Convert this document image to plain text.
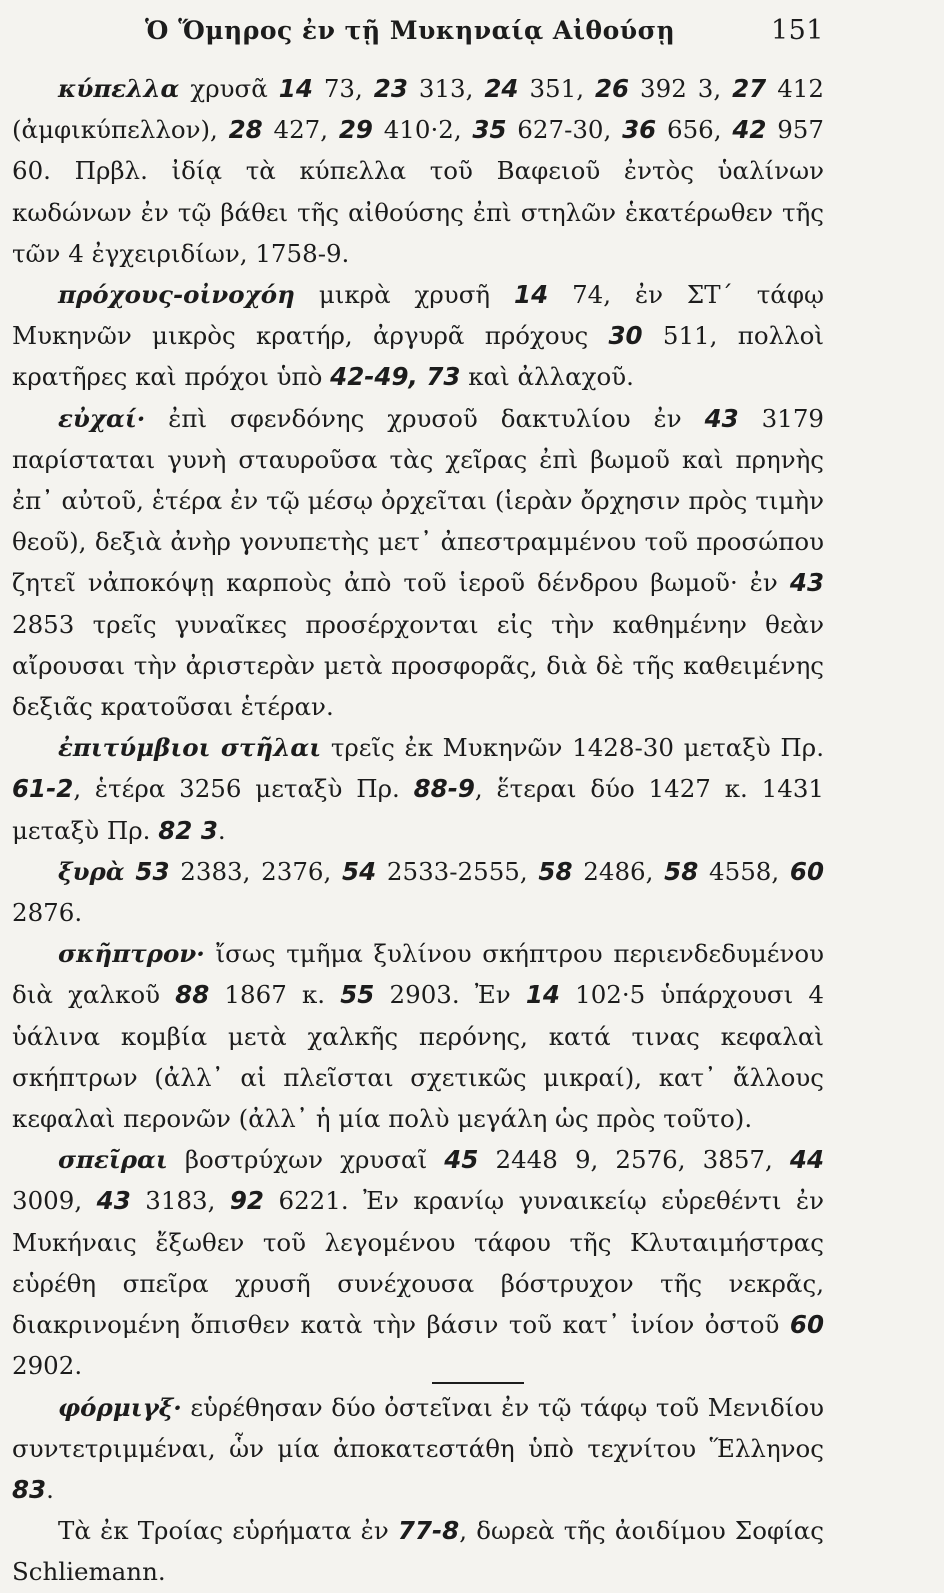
Ὁ Ὅμηρος ἐν τῇ Μυκηναίᾳ Αἰθούσῃ	151

κύπελλα χρυσᾶ 14 73, 23 313, 24 351, 26 392 3, 27 412 (ἀμφικύπελλον), 28 427, 29 410·2, 35 627-30, 36 656, 42 957 60. Πρβλ. ἰδίᾳ τὰ κύπελλα τοῦ Βαφειοῦ ἐντὸς ὑαλίνων κωδώνων ἐν τῷ βάθει τῆς αἰθούσης ἐπὶ στηλῶν ἑκατέρωθεν τῆς τῶν 4 ἐγχειριδίων, 1758-9.

πρόχους-οἰνοχόη μικρὰ χρυσῆ 14 74, ἐν ΣΤ΄ τάφῳ Μυκηνῶν μικρὸς κρατήρ, ἀργυρᾶ πρόχους 30 511, πολλοὶ κρατῆρες καὶ πρόχοι ὑπὸ 42-49, 73 καὶ ἀλλαχοῦ.

εὐχαί· ἐπὶ σφενδόνης χρυσοῦ δακτυλίου ἐν 43 3179 παρίσταται γυνὴ σταυροῦσα τὰς χεῖρας ἐπὶ βωμοῦ καὶ πρηνὴς ἐπ᾽ αὐτοῦ, ἑτέρα ἐν τῷ μέσῳ ὀρχεῖται (ἱερὰν ὄρχησιν πρὸς τιμὴν θεοῦ), δεξιὰ ἀνὴρ γονυπετὴς μετ᾽ ἀπεστραμμένου τοῦ προσώπου ζητεῖ νἀποκόψῃ καρποὺς ἀπὸ τοῦ ἱεροῦ δένδρου βωμοῦ· ἐν 43 2853 τρεῖς γυναῖκες προσέρχονται εἰς τὴν καθημένην θεὰν αἴρουσαι τὴν ἀριστερὰν μετὰ προσφορᾶς, διὰ δὲ τῆς καθειμένης δεξιᾶς κρατοῦσαι ἑτέραν.

ἐπιτύμβιοι στῆλαι τρεῖς ἐκ Μυκηνῶν 1428-30 μεταξὺ Πρ. 61-2, ἑτέρα 3256 μεταξὺ Πρ. 88-9, ἕτεραι δύο 1427 κ. 1431 μεταξὺ Πρ. 82 3.

ξυρὰ 53 2383, 2376, 54 2533-2555, 58 2486, 58 4558, 60 2876.

σκῆπτρον· ἴσως τμῆμα ξυλίνου σκήπτρου περιενδεδυμένου διὰ χαλκοῦ 88 1867 κ. 55 2903. Ἐν 14 102·5 ὑπάρχουσι 4 ὑάλινα κομβία μετὰ χαλκῆς περόνης, κατά τινας κεφαλαὶ σκήπτρων (ἀλλ᾽ αἱ πλεῖσται σχετικῶς μικραί), κατ᾽ ἄλλους κεφαλαὶ περονῶν (ἀλλ᾽ ἡ μία πολὺ μεγάλη ὡς πρὸς τοῦτο).

σπεῖραι βοστρύχων χρυσαῖ 45 2448 9, 2576, 3857, 44 3009, 43 3183, 92 6221. Ἐν κρανίῳ γυναικείῳ εὑρεθέντι ἐν Μυκήναις ἔξωθεν τοῦ λεγομένου τάφου τῆς Κλυταιμήστρας εὑρέθη σπεῖρα χρυσῆ συνέχουσα βόστρυχον τῆς νεκρᾶς, διακρινομένη ὄπισθεν κατὰ τὴν βάσιν τοῦ κατ᾽ ἰνίον ὀστοῦ 60 2902.

φόρμιγξ· εὑρέθησαν δύο ὀστεῖναι ἐν τῷ τάφῳ τοῦ Μενιδίου συντετριμμέναι, ὧν μία ἀποκατεστάθη ὑπὸ τεχνίτου Ἕλληνος 83.

Τὰ ἐκ Τροίας εὑρήματα ἐν 77-8, δωρεὰ τῆς ἀοιδίμου Σοφίας Schliemann.
